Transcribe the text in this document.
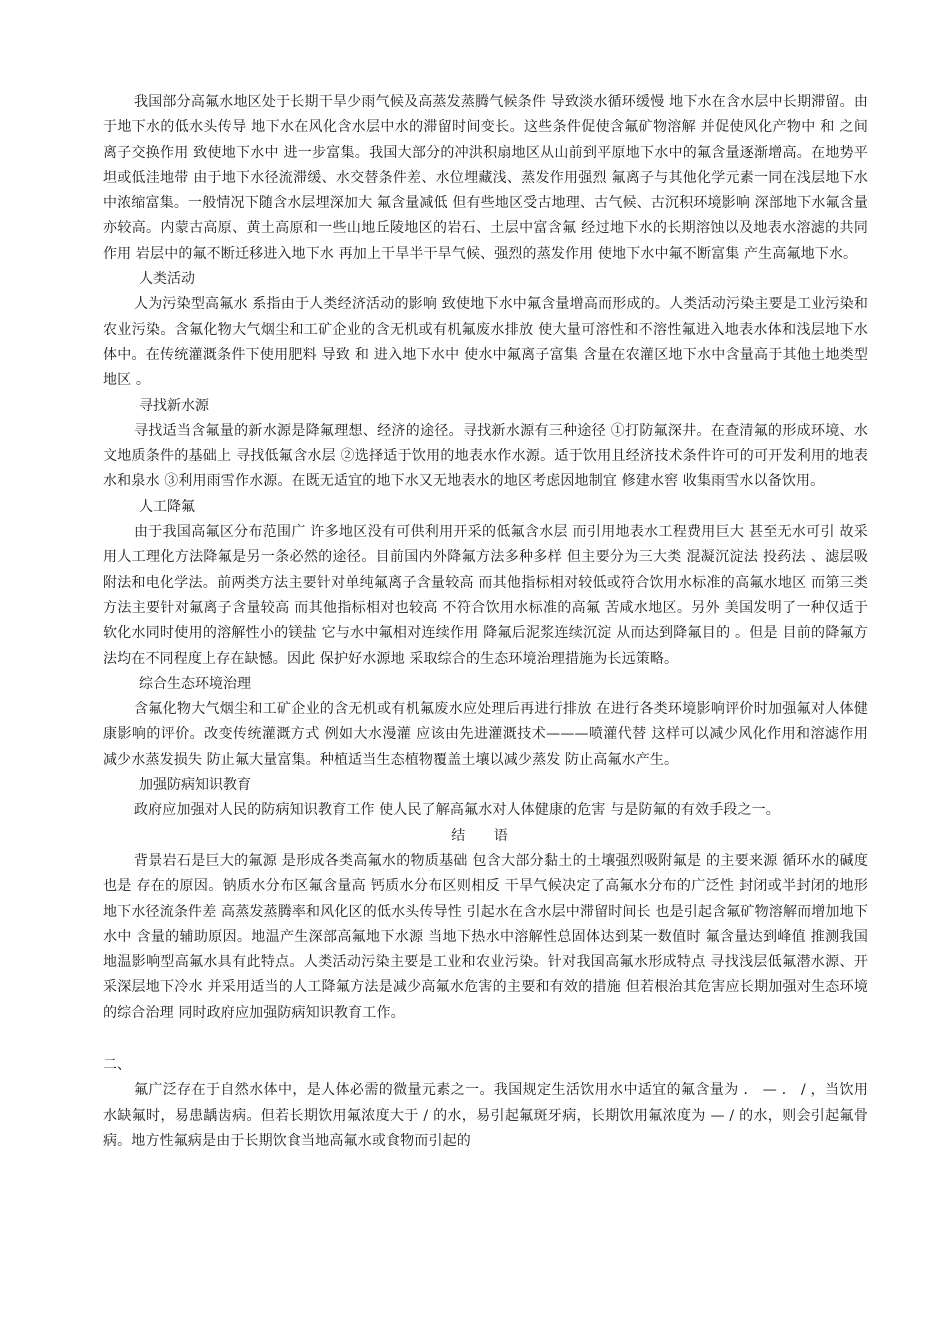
我国部分高氟水地区处于长期干旱少雨气候及高蒸发蒸腾气候条件 导致淡水循环缓慢 地下水在含水层中长期滞留。由于地下水的低水头传导 地下水在风化含水层中水的滞留时间变长。这些条件促使含氟矿物溶解 并促使风化产物中 和 之间离子交换作用 致使地下水中 进一步富集。我国大部分的冲洪积扇地区从山前到平原地下水中的氟含量逐渐增高。在地势平坦或低洼地带 由于地下水径流滞缓、水交替条件差、水位埋藏浅、蒸发作用强烈 氟离子与其他化学元素一同在浅层地下水中浓缩富集。一般情况下随含水层埋深加大 氟含量减低 但有些地区受古地理、古气候、古沉积环境影响 深部地下水氟含量亦较高。内蒙古高原、黄土高原和一些山地丘陵地区的岩石、土层中富含氟 经过地下水的长期溶蚀以及地表水溶滤的共同作用 岩层中的氟不断迁移进入地下水 再加上干旱半干旱气候、强烈的蒸发作用 使地下水中氟不断富集 产生高氟地下水。

人类活动

人为污染型高氟水 系指由于人类经济活动的影响 致使地下水中氟含量增高而形成的。人类活动污染主要是工业污染和农业污染。含氟化物大气烟尘和工矿企业的含无机或有机氟废水排放 使大量可溶性和不溶性氟进入地表水体和浅层地下水体中。在传统灌溉条件下使用肥料 导致 和 进入地下水中 使水中氟离子富集 含量在农灌区地下水中含量高于其他土地类型地区 。

寻找新水源

寻找适当含氟量的新水源是降氟理想、经济的途径。寻找新水源有三种途径 ①打防氟深井。在查清氟的形成环境、水文地质条件的基础上 寻找低氟含水层 ②选择适于饮用的地表水作水源。适于饮用且经济技术条件许可的可开发利用的地表水和泉水 ③利用雨雪作水源。在既无适宜的地下水又无地表水的地区考虑因地制宜 修建水窖 收集雨雪水以备饮用。

人工降氟

由于我国高氟区分布范围广 许多地区没有可供利用开采的低氟含水层 而引用地表水工程费用巨大 甚至无水可引 故采用人工理化方法降氟是另一条必然的途径。目前国内外降氟方法多种多样 但主要分为三大类 混凝沉淀法 投药法 、滤层吸附法和电化学法。前两类方法主要针对单纯氟离子含量较高 而其他指标相对较低或符合饮用水标准的高氟水地区 而第三类方法主要针对氟离子含量较高 而其他指标相对也较高 不符合饮用水标准的高氟 苦咸水地区。另外 美国发明了一种仅适于软化水同时使用的溶解性小的镁盐 它与水中氟相对连续作用 降氟后泥浆连续沉淀 从而达到降氟目的 。但是 目前的降氟方法均在不同程度上存在缺憾。因此 保护好水源地 采取综合的生态环境治理措施为长远策略。

综合生态环境治理

含氟化物大气烟尘和工矿企业的含无机或有机氟废水应处理后再进行排放 在进行各类环境影响评价时加强氟对人体健康影响的评价。改变传统灌溉方式 例如大水漫灌 应该由先进灌溉技术———喷灌代替 这样可以减少风化作用和溶滤作用 减少水蒸发损失 防止氟大量富集。种植适当生态植物覆盖土壤以减少蒸发 防止高氟水产生。

加强防病知识教育

政府应加强对人民的防病知识教育工作 使人民了解高氟水对人体健康的危害 与是防氟的有效手段之一。

结 语

背景岩石是巨大的氟源 是形成各类高氟水的物质基础 包含大部分黏土的土壤强烈吸附氟是 的主要来源 循环水的碱度也是 存在的原因。钠质水分布区氟含量高 钙质水分布区则相反 干旱气候决定了高氟水分布的广泛性 封闭或半封闭的地形 地下水径流条件差 高蒸发蒸腾率和风化区的低水头传导性 引起水在含水层中滞留时间长 也是引起含氟矿物溶解而增加地下水中 含量的辅助原因。地温产生深部高氟地下水源 当地下热水中溶解性总固体达到某一数值时 氟含量达到峰值 推测我国地温影响型高氟水具有此特点。人类活动污染主要是工业和农业污染。针对我国高氟水形成特点 寻找浅层低氟潜水源、开采深层地下冷水 并采用适当的人工降氟方法是减少高氟水危害的主要和有效的措施 但若根治其危害应长期加强对生态环境的综合治理 同时政府应加强防病知识教育工作。

二、

氟广泛存在于自然水体中，是人体必需的微量元素之一。我国规定生活饮用水中适宜的氟含量为 ． — ． / ，当饮用水缺氟时，易患龋齿病。但若长期饮用氟浓度大于 / 的水，易引起氟斑牙病，长期饮用氟浓度为 — / 的水，则会引起氟骨病。地方性氟病是由于长期饮食当地高氟水或食物而引起的
